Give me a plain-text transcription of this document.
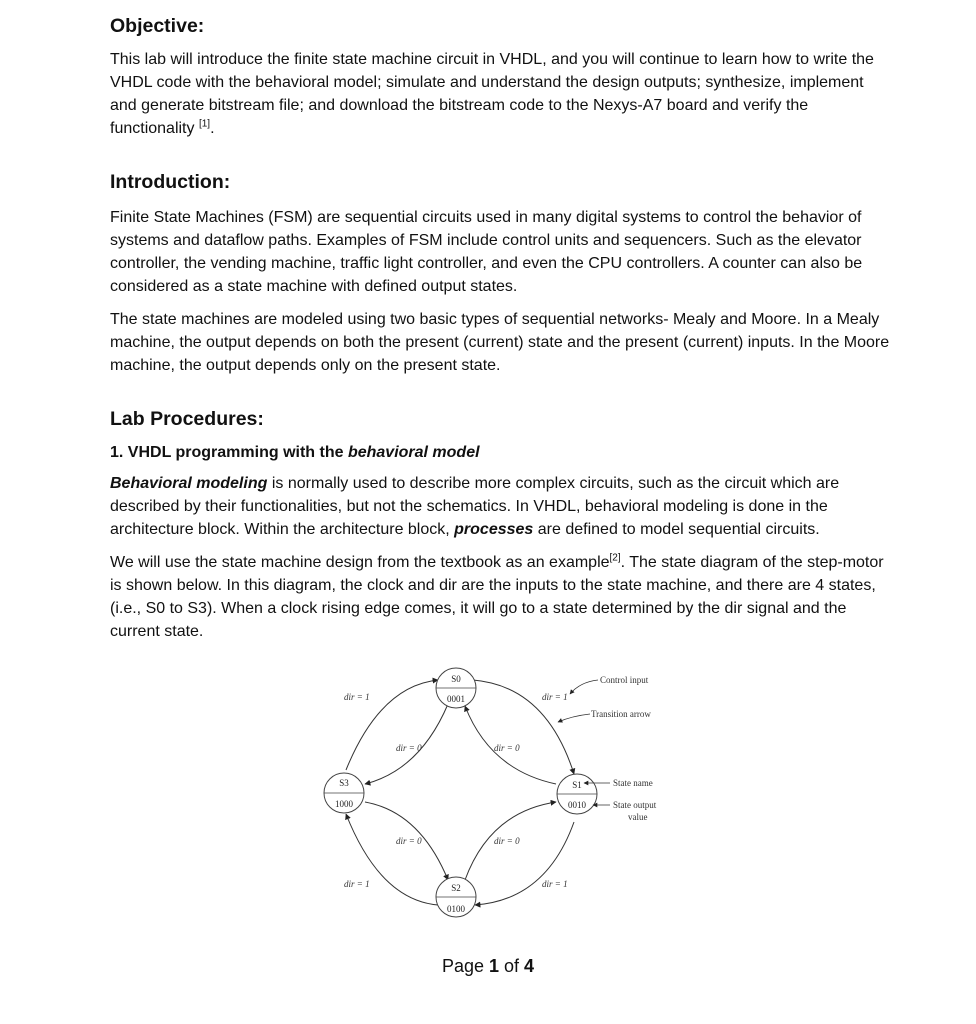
Objective:

This lab will introduce the finite state machine circuit in VHDL, and you will continue to learn how to write the VHDL code with the behavioral model; simulate and understand the design outputs; synthesize, implement and generate bitstream file; and download the bitstream code to the Nexys-A7 board and verify the functionality [1].

Introduction:

Finite State Machines (FSM) are sequential circuits used in many digital systems to control the behavior of systems and dataflow paths. Examples of FSM include control units and sequencers. Such as the elevator controller, the vending machine, traffic light controller, and even the CPU controllers. A counter can also be considered as a state machine with defined output states.

The state machines are modeled using two basic types of sequential networks- Mealy and Moore. In a Mealy machine, the output depends on both the present (current) state and the present (current) inputs. In the Moore machine, the output depends only on the present state.

Lab Procedures:
1. VHDL programming with the behavioral model

Behavioral modeling is normally used to describe more complex circuits, such as the circuit which are described by their functionalities, but not the schematics. In VHDL, behavioral modeling is done in the architecture block. Within the architecture block, processes are defined to model sequential circuits.

We will use the state machine design from the textbook as an example[2]. The state diagram of the step-motor is shown below. In this diagram, the clock and dir are the inputs to the state machine, and there are 4 states, (i.e., S0 to S3). When a clock rising edge comes, it will go to a state determined by the dir signal and the current state.

S0
0001
S1
0010
S2
0100
S3
1000
dir = 1	dir = 1
dir = 0	dir = 0
dir = 0	dir = 0
dir = 1	dir = 1
Control input
Transition arrow
State name
State output
value
Page 1 of 4
